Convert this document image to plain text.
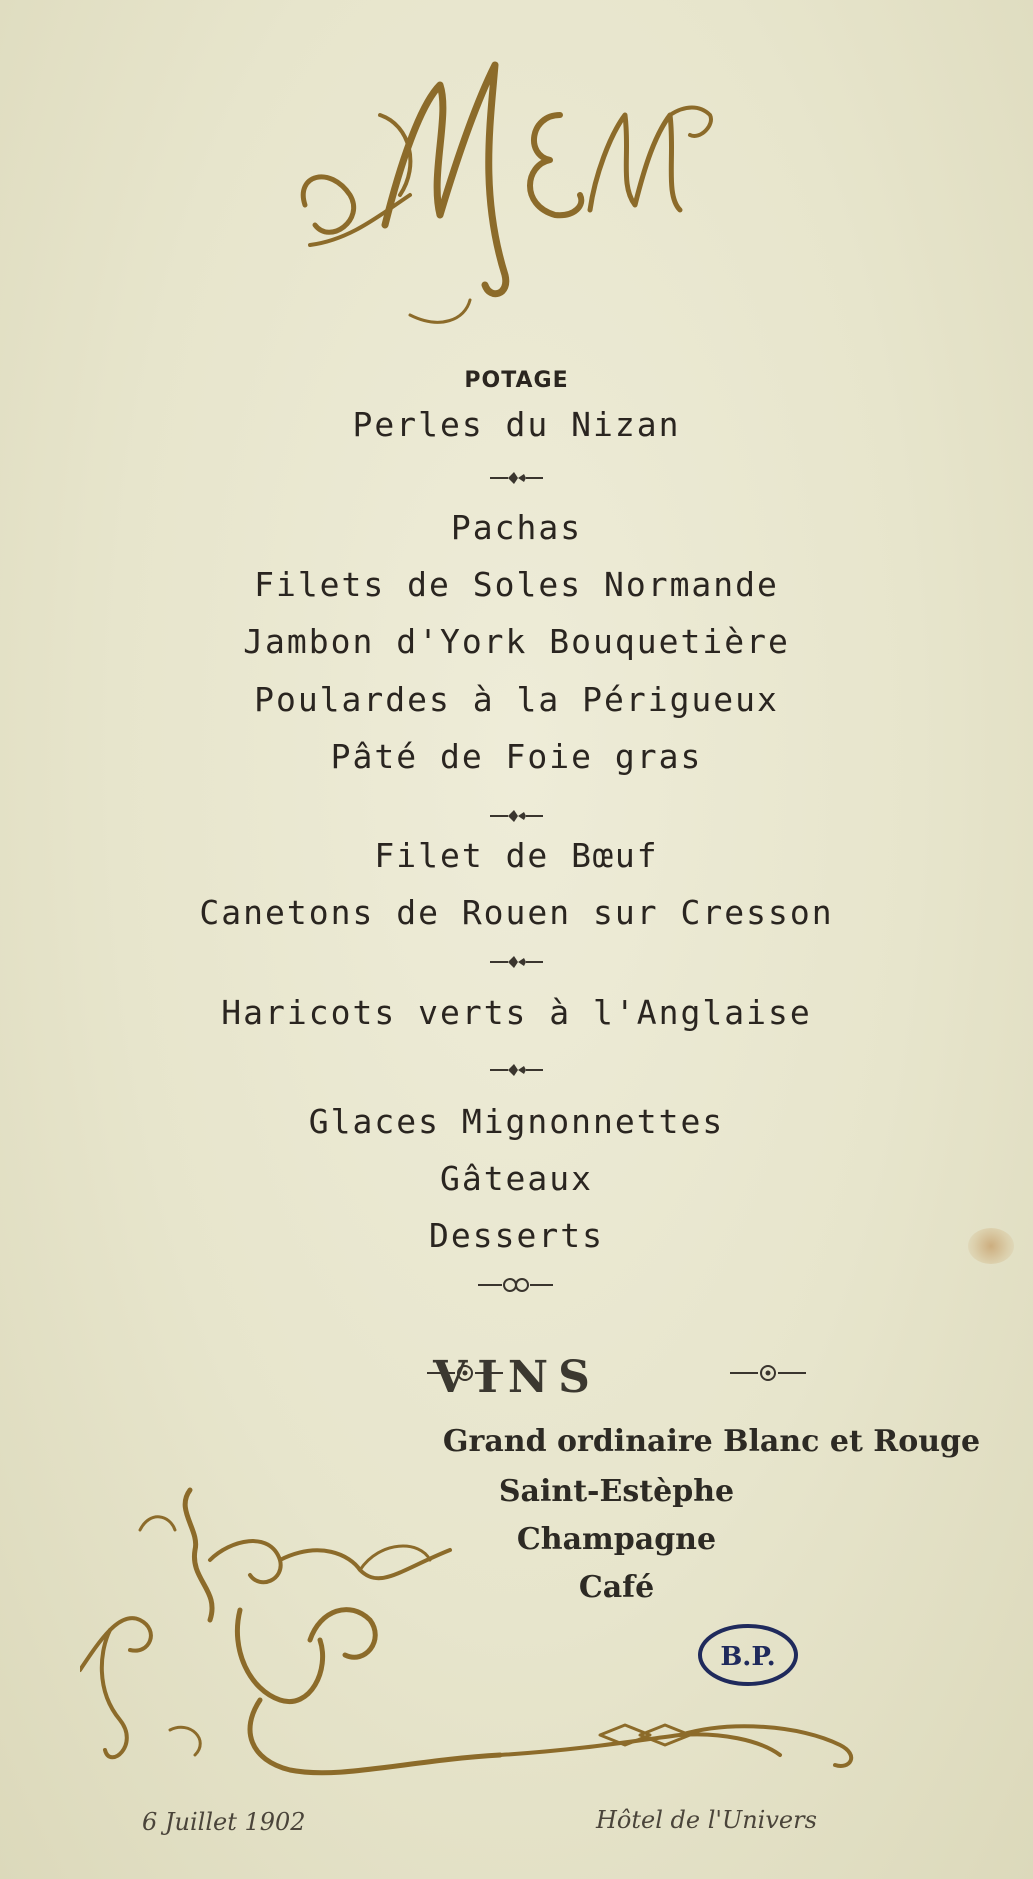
MENU
POTAGE
Perles du Nizan
Pachas
Filets de Soles Normande
Jambon d'York Bouquetière
Poulardes à la Périgueux
Pâté de Foie gras
Filet de Bœuf
Canetons de Rouen sur Cresson
Haricots verts à l'Anglaise
Glaces Mignonnettes
Gâteaux
Desserts
VINS
Grand ordinaire Blanc et Rouge
Saint-Estèphe
Champagne
Café
B.P.
6 Juillet 1902	Hôtel de l'Univers
